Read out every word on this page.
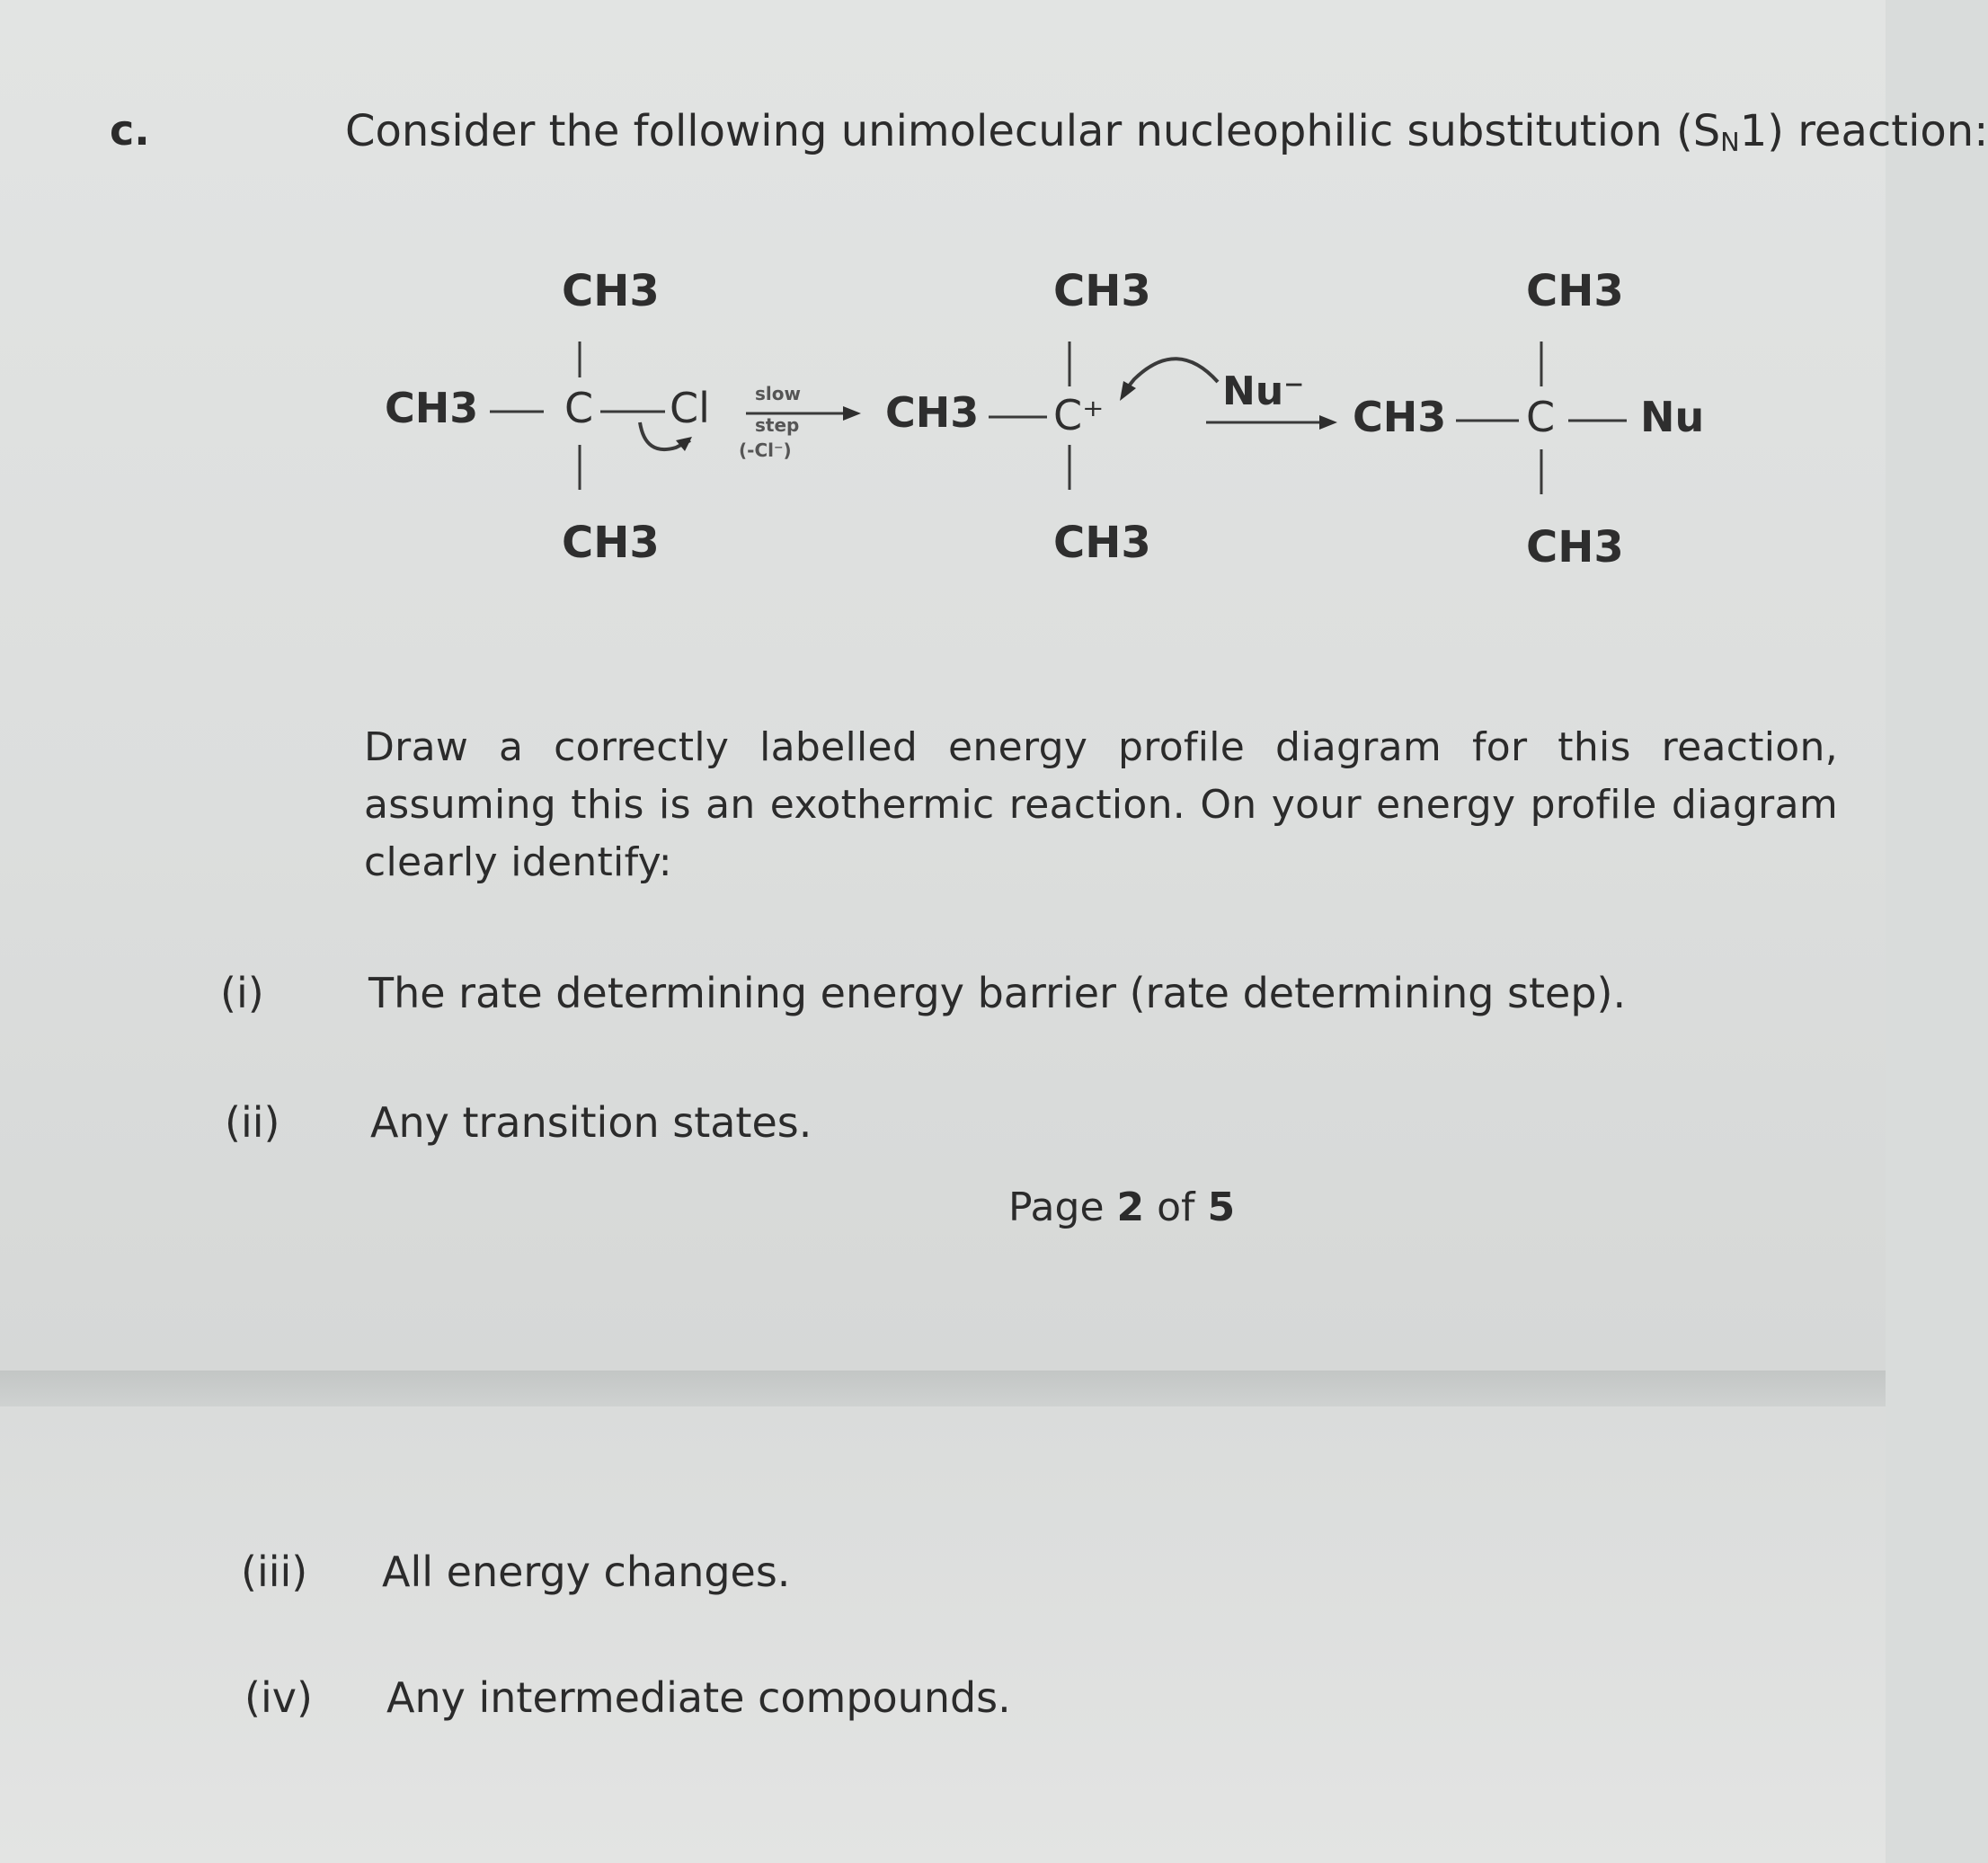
c.	Consider the following unimolecular nucleophilic substitution (SN1) reaction:
CH3
CH3 C Cl
CH3
slow
step
(-Cl⁻)
CH3
CH3 C⁺
CH3
Nu⁻
CH3
CH3 C Nu
CH3
Draw a correctly labelled energy profile diagram for this reaction, assuming this is an exothermic reaction. On your energy profile diagram clearly identify:
(i)	The rate determining energy barrier (rate determining step).
(ii) Any transition states.
Page 2 of 5
(iii) All energy changes.
(iv) Any intermediate compounds.
